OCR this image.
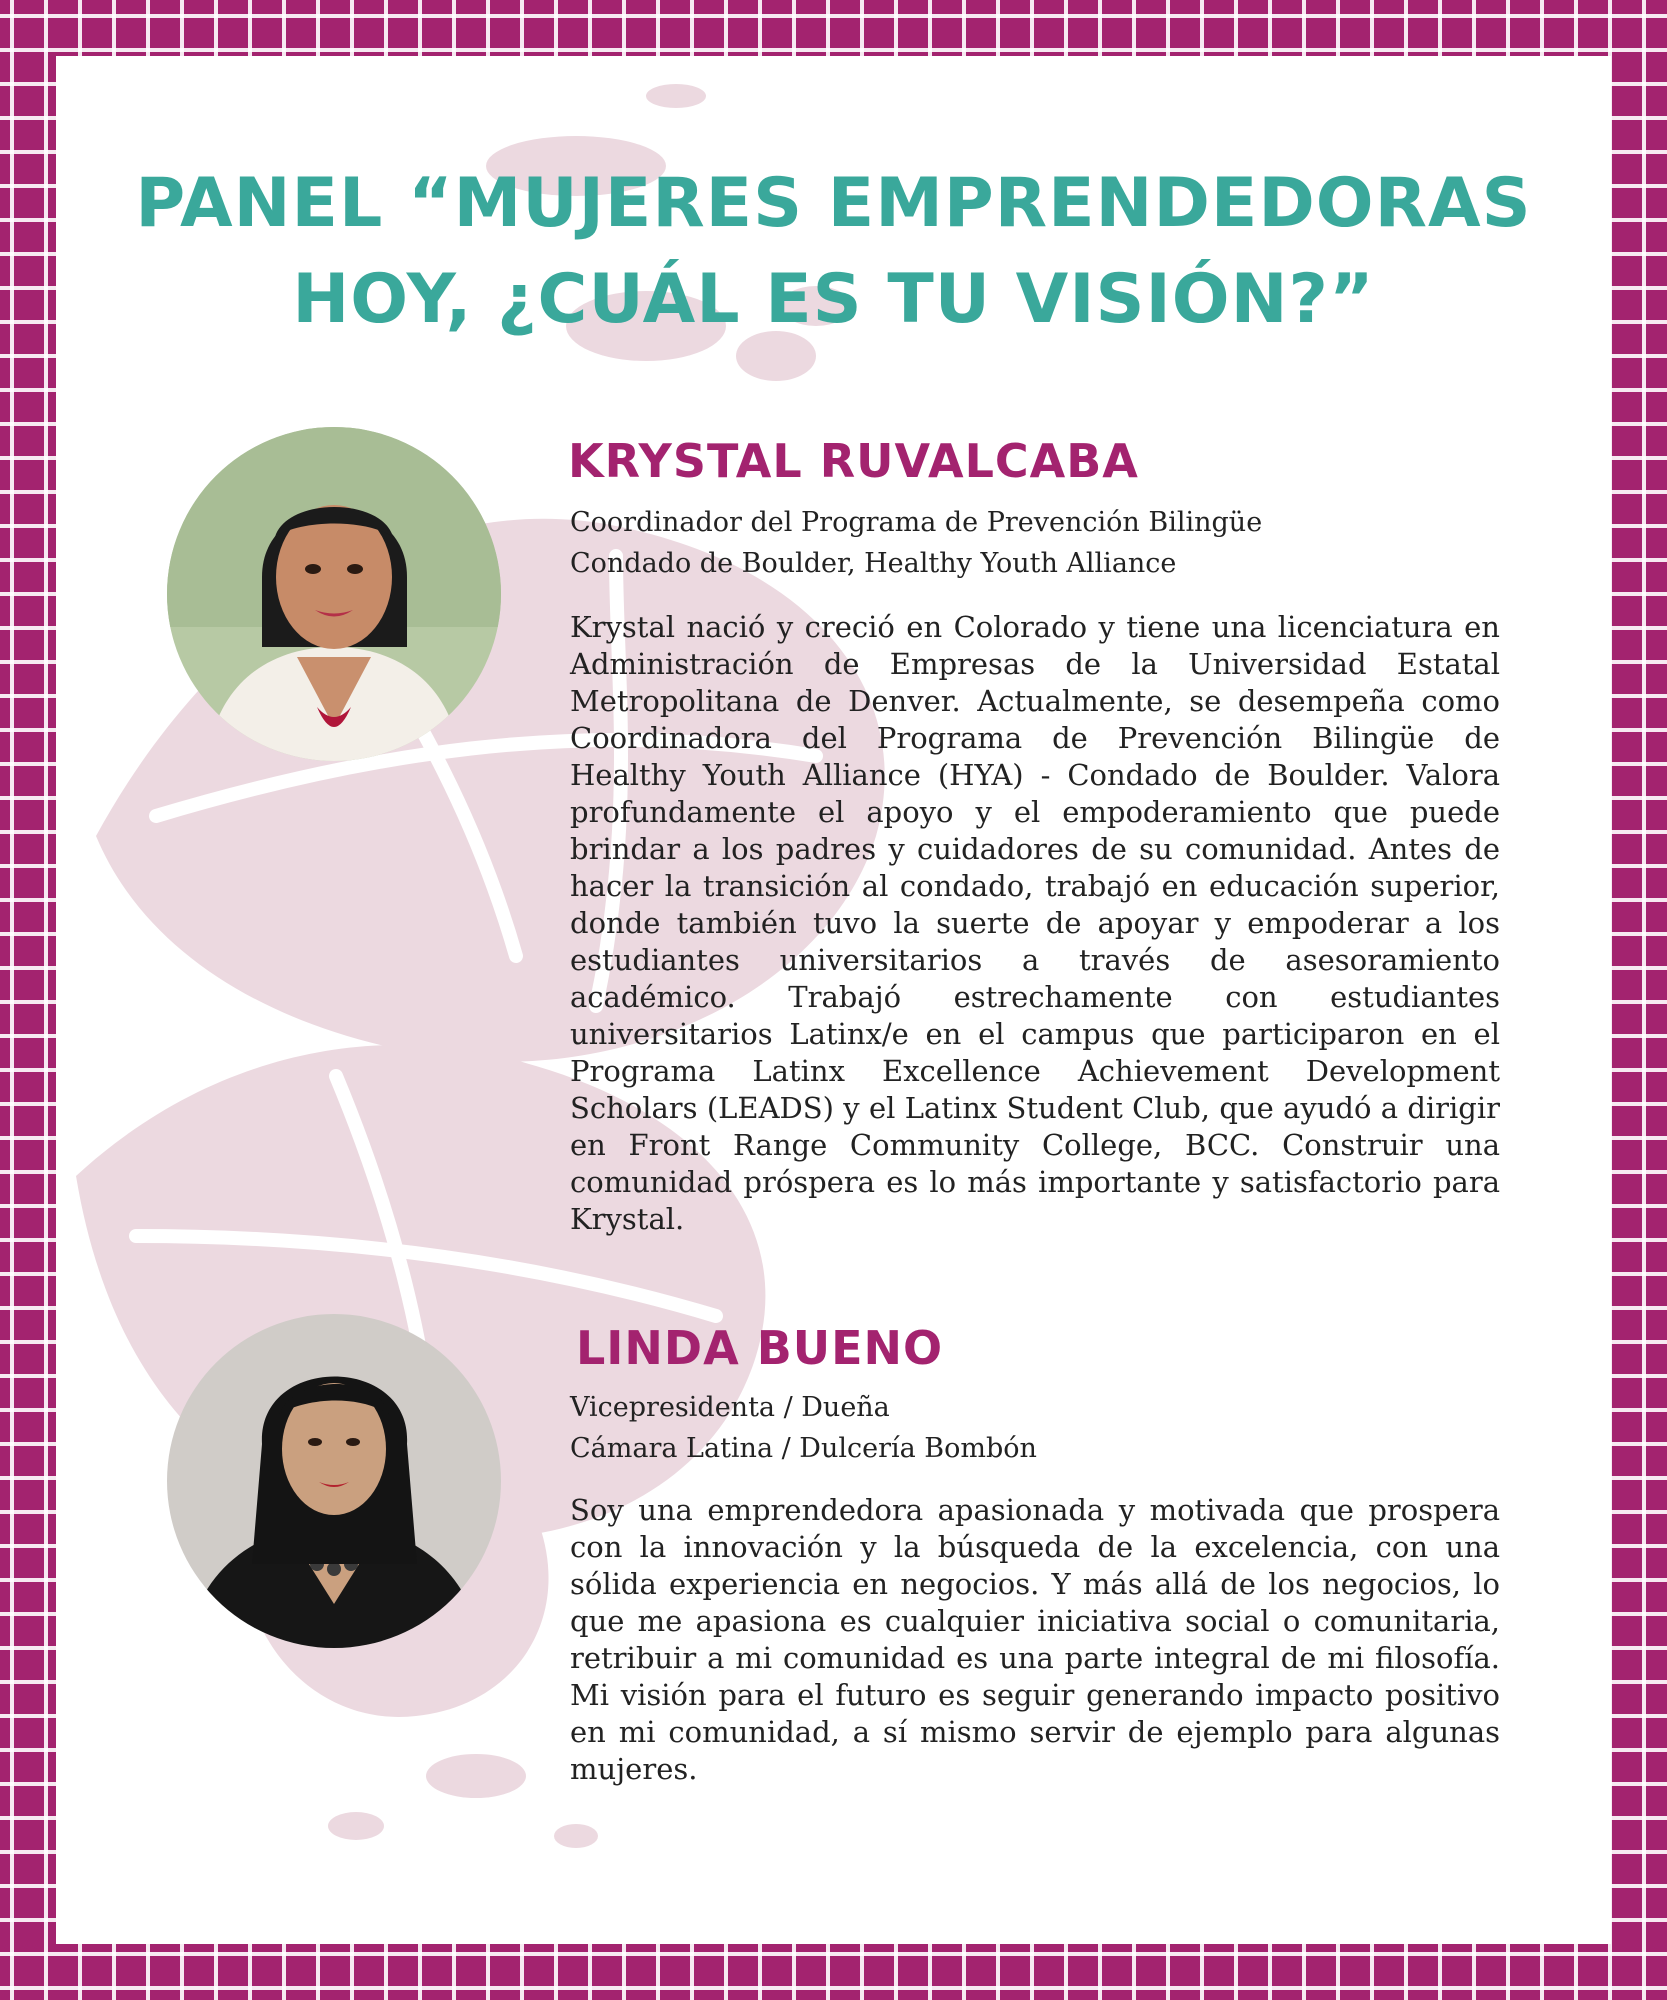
PANEL “MUJERES EMPRENDEDORAS
HOY, ¿CUÁL ES TU VISIÓN?”
KRYSTAL RUVALCABA
Coordinador del Programa de Prevención Bilingüe
Condado de Boulder, Healthy Youth Alliance

Krystal nació y creció en Colorado y tiene una licenciatura en Administración de Empresas de la Universidad Estatal Metropolitana de Denver. Actualmente, se desempeña como Coordinadora del Programa de Prevención Bilingüe de Healthy Youth Alliance (HYA) - Condado de Boulder. Valora profundamente el apoyo y el empoderamiento que puede brindar a los padres y cuidadores de su comunidad. Antes de hacer la transición al condado, trabajó en educación superior, donde también tuvo la suerte de apoyar y empoderar a los estudiantes universitarios a través de asesoramiento académico. Trabajó estrechamente con estudiantes universitarios Latinx/e en el campus que participaron en el Programa Latinx Excellence Achievement Development Scholars (LEADS) y el Latinx Student Club, que ayudó a dirigir en Front Range Community College, BCC. Construir una comunidad próspera es lo más importante y satisfactorio para Krystal.

LINDA BUENO
Vicepresidenta / Dueña
Cámara Latina / Dulcería Bombón

Soy una emprendedora apasionada y motivada que prospera con la innovación y la búsqueda de la excelencia, con una sólida experiencia en negocios. Y más allá de los negocios, lo que me apasiona es cualquier iniciativa social o comunitaria, retribuir a mi comunidad es una parte integral de mi filosofía. Mi visión para el futuro es seguir generando impacto positivo en mi comunidad, a sí mismo servir de ejemplo para algunas mujeres.
